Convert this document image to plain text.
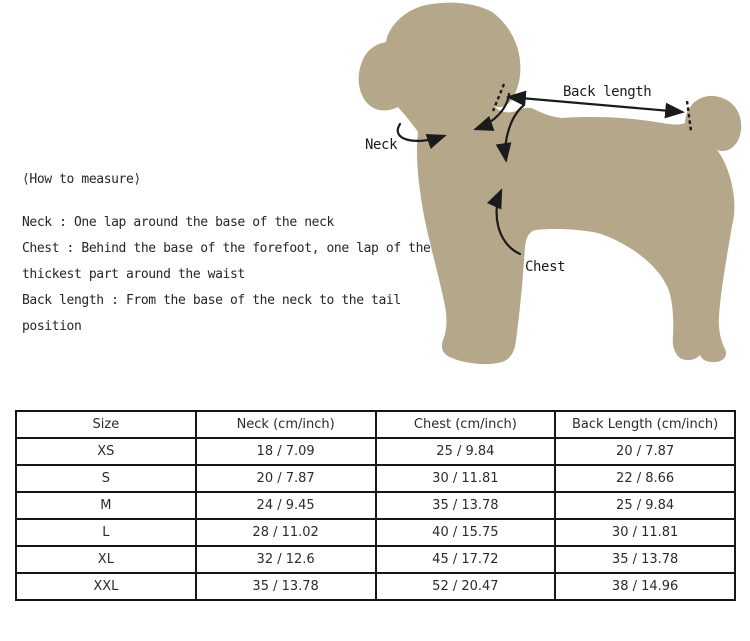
Neck
Back length
Chest
⟨How to measure⟩
Neck : One lap around the base of the neck
Chest : Behind the base of the forefoot, one lap of the
thickest part around the waist
Back length : From the base of the neck to the tail
position
Size	Neck (cm/inch)	Chest (cm/inch)	Back Length (cm/inch)
XS	18 / 7.09	25 / 9.84	20 / 7.87
S	20 / 7.87	30 / 11.81	22 / 8.66
M	24 / 9.45	35 / 13.78	25 / 9.84
L	28 / 11.02	40 / 15.75	30 / 11.81
XL	32 / 12.6	45 / 17.72	35 / 13.78
XXL	35 / 13.78	52 / 20.47	38 / 14.96
